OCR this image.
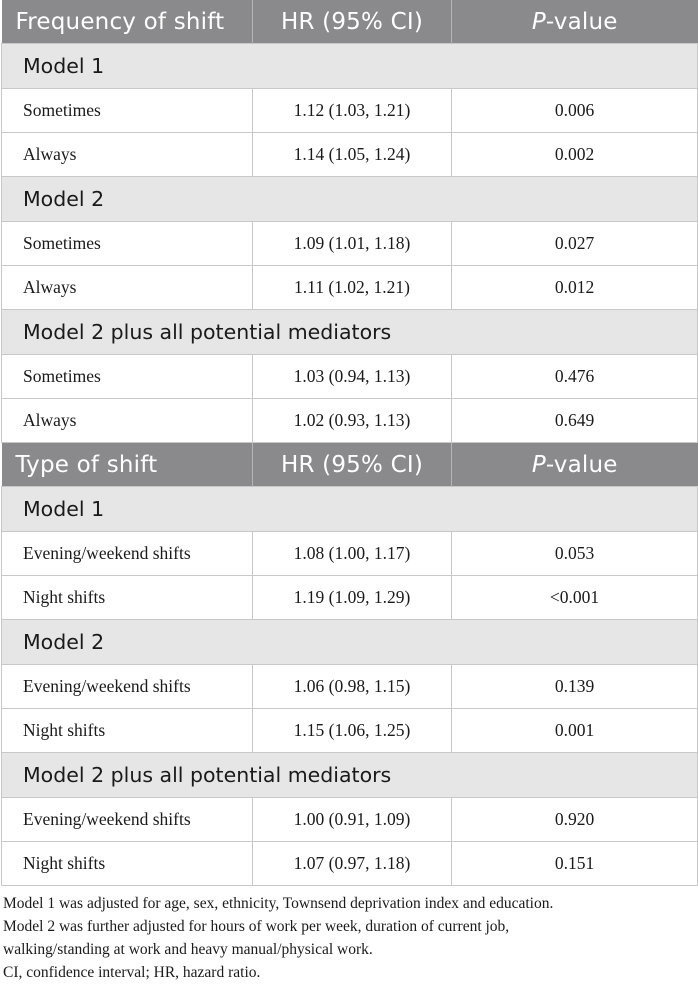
Frequency of shift	HR (95% CI)	P-value
Model 1		
Sometimes	1.12 (1.03, 1.21)	0.006
Always	1.14 (1.05, 1.24)	0.002
Model 2		
Sometimes	1.09 (1.01, 1.18)	0.027
Always	1.11 (1.02, 1.21)	0.012
Model 2 plus all potential mediators		
Sometimes	1.03 (0.94, 1.13)	0.476
Always	1.02 (0.93, 1.13)	0.649
Type of shift	HR (95% CI)	P-value
Model 1		
Evening/weekend shifts	1.08 (1.00, 1.17)	0.053
Night shifts	1.19 (1.09, 1.29)	<0.001
Model 2		
Evening/weekend shifts	1.06 (0.98, 1.15)	0.139
Night shifts	1.15 (1.06, 1.25)	0.001
Model 2 plus all potential mediators		
Evening/weekend shifts	1.00 (0.91, 1.09)	0.920
Night shifts	1.07 (0.97, 1.18)	0.151
Model 1 was adjusted for age, sex, ethnicity, Townsend deprivation index and education.
Model 2 was further adjusted for hours of work per week, duration of current job,
walking/standing at work and heavy manual/physical work.
CI, confidence interval; HR, hazard ratio.
